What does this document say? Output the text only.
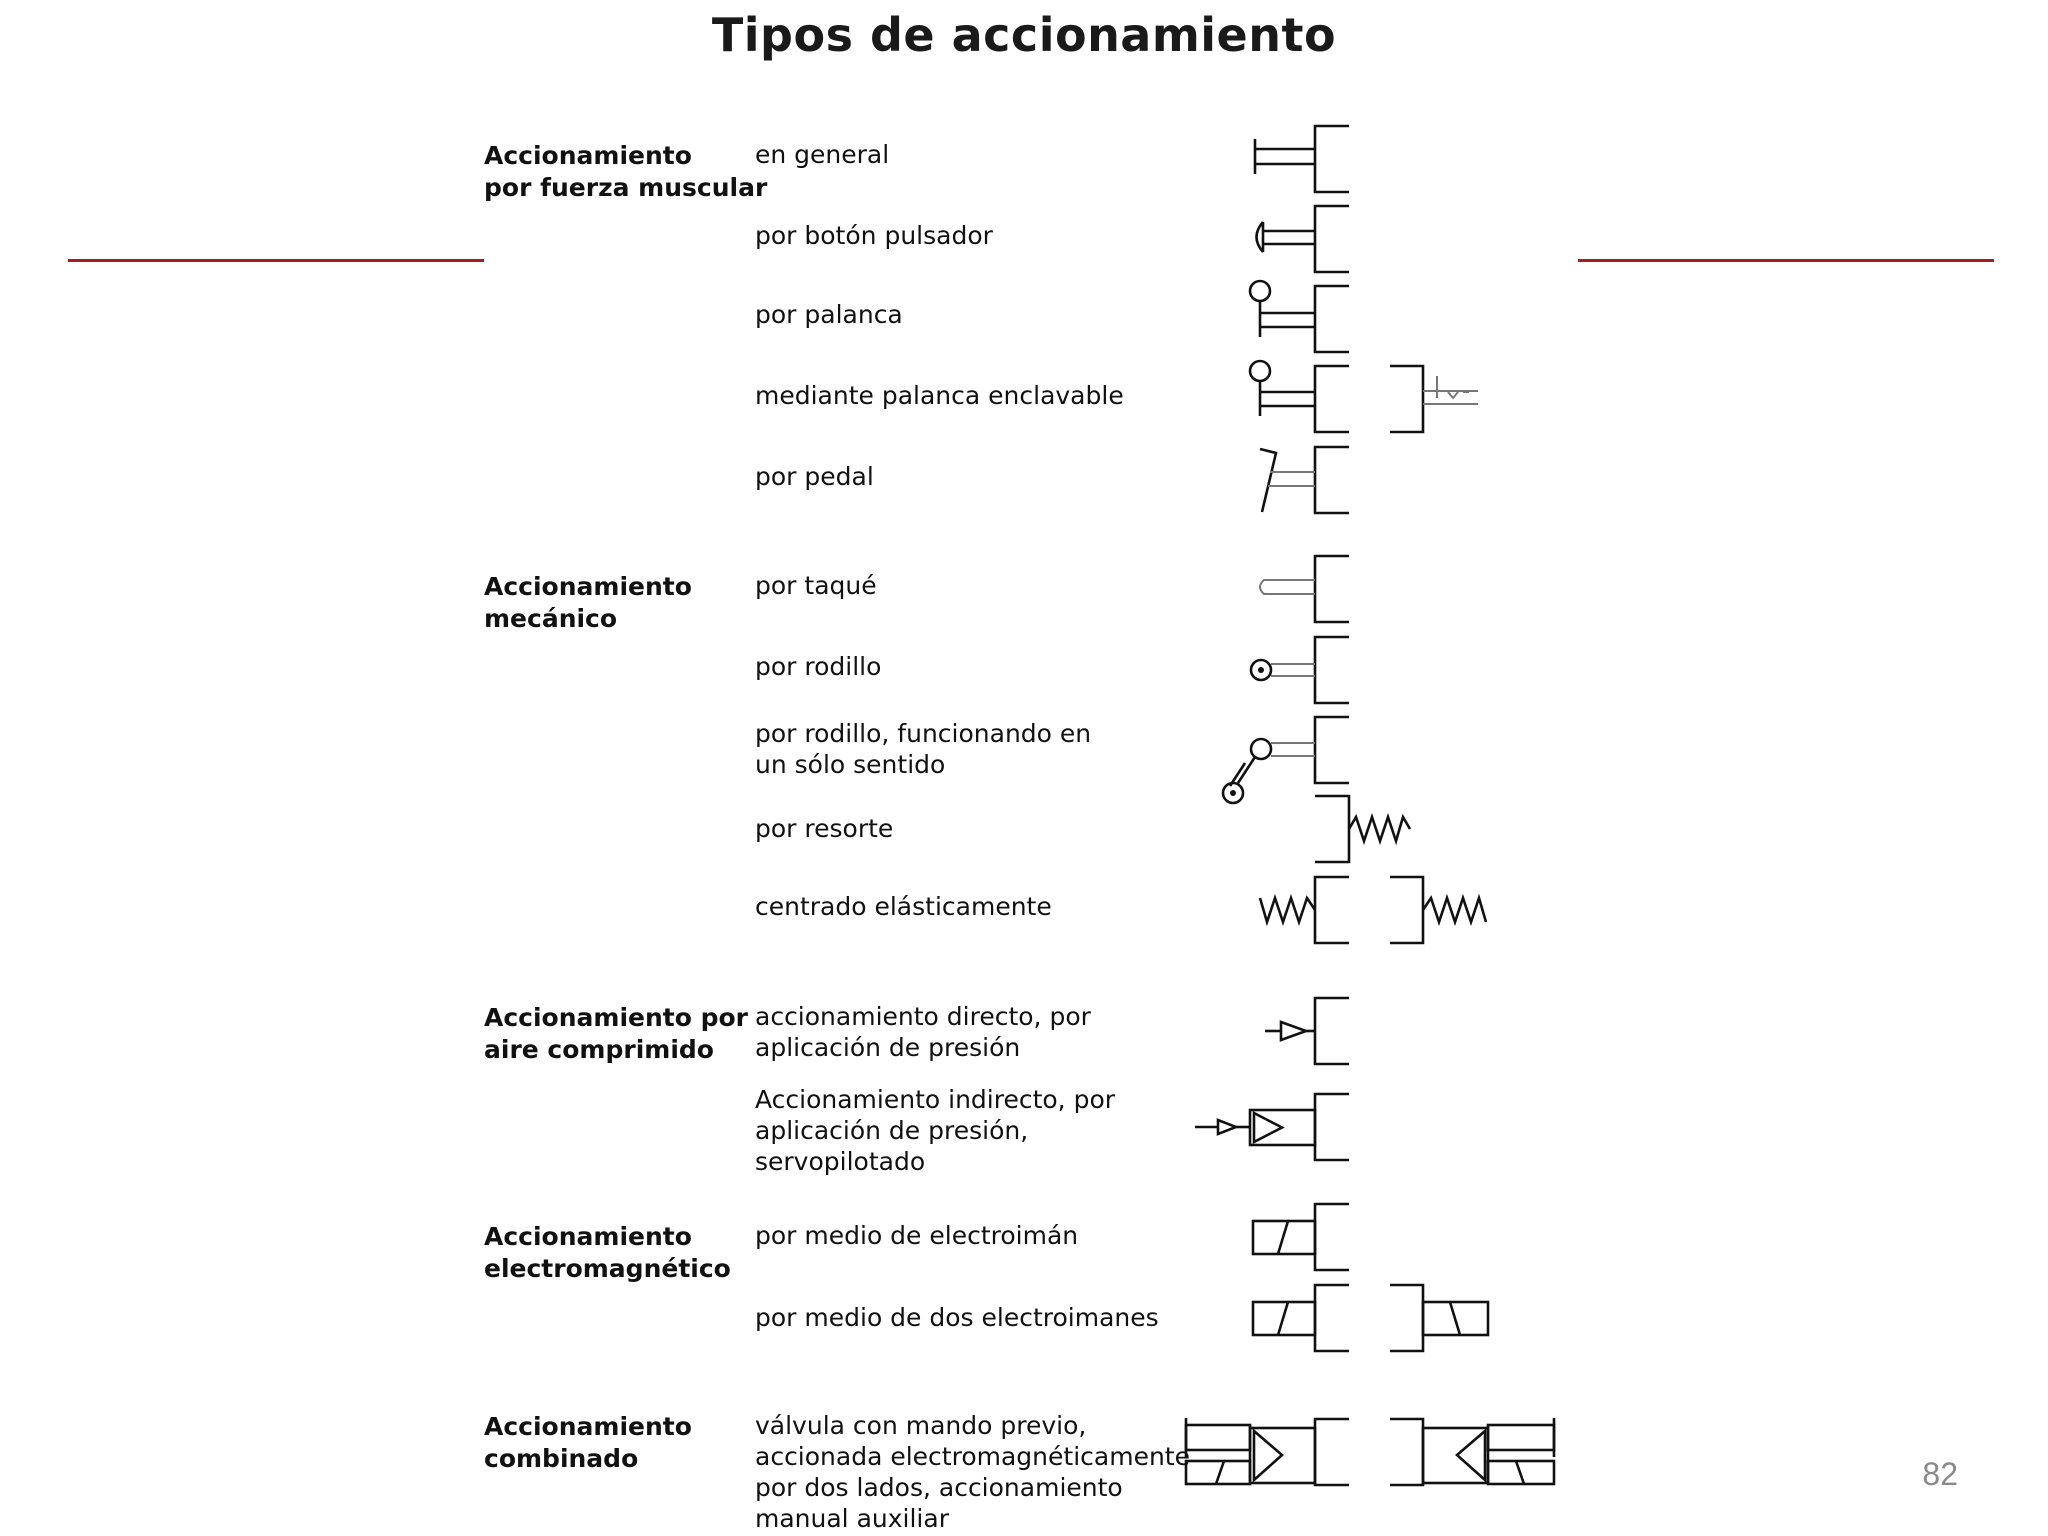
Tipos de accionamiento
Accionamiento
por fuerza muscular
Accionamiento
mecánico
Accionamiento por
aire comprimido
Accionamiento
electromagnético
Accionamiento
combinado
en general
por botón pulsador
por palanca
mediante palanca enclavable
por pedal
por taqué
por rodillo
por rodillo, funcionando en
un sólo sentido
por resorte
centrado elásticamente
accionamiento directo, por
aplicación de presión
Accionamiento indirecto, por
aplicación de presión,
servopilotado
por medio de electroimán
por medio de dos electroimanes
válvula con mando previo,
accionada electromagnéticamente
por dos lados, accionamiento
manual auxiliar
82
